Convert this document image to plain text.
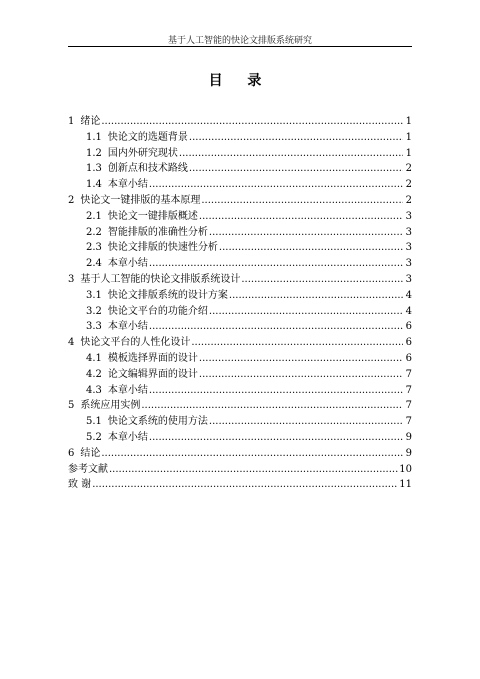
基于人工智能的快论文排版系统研究
目 录
1 绪论 .....	1
1.1 快论文的选题背景 .....	1
1.2 国内外研究现状 .....	1
1.3 创新点和技术路线 .....	2
1.4 本章小结 .....	2
2 快论文一键排版的基本原理 .....	2
2.1 快论文一键排版概述 .....	3
2.2 智能排版的准确性分析 .....	3
2.3 快论文排版的快速性分析 .....	3
2.4 本章小结 .....	3
3 基于人工智能的快论文排版系统设计 .....	3
3.1 快论文排版系统的设计方案 .....	4
3.2 快论文平台的功能介绍 .....	4
3.3 本章小结 .....	6
4 快论文平台的人性化设计 .....	6
4.1 模板选择界面的设计 .....	6
4.2 论文编辑界面的设计 .....	7
4.3 本章小结 .....	7
5 系统应用实例 .....	7
5.1 快论文系统的使用方法 .....	7
5.2 本章小结 .....	9
6 结论 .....	9
参考文献 .....	10
致 谢 .....	11
